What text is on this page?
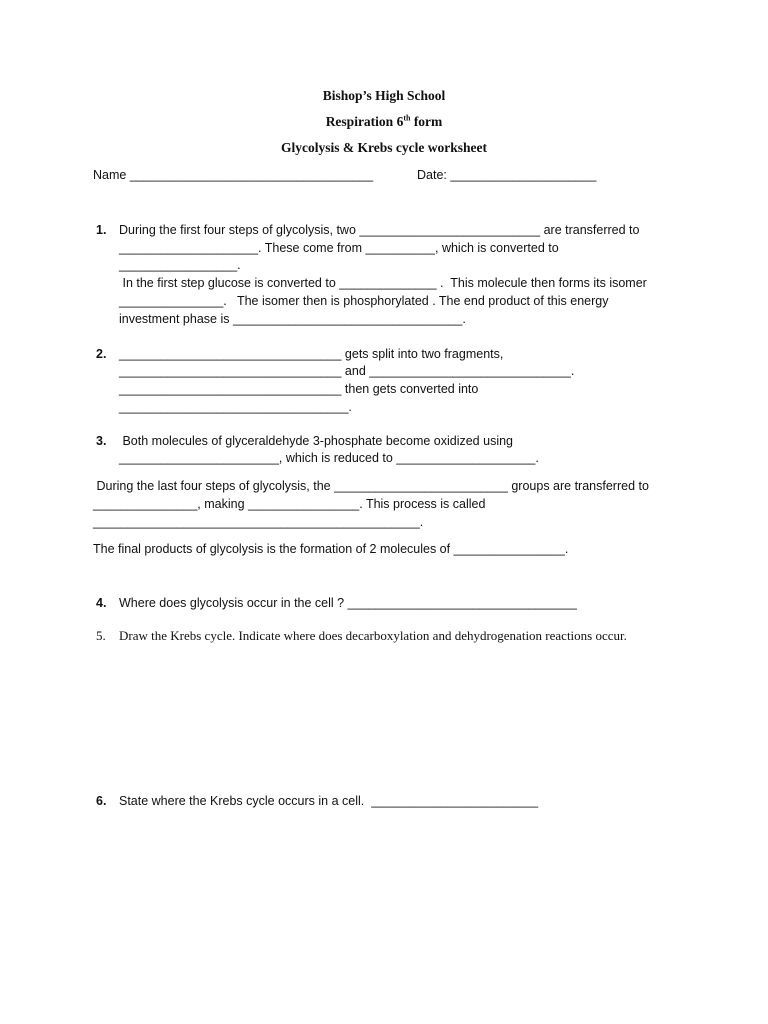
Bishop’s High School
Respiration 6th form
Glycolysis & Krebs cycle worksheet
Name ___________________________________	Date: _____________________
1. During the first four steps of glycolysis, two __________________________ are transferred to
____________________. These come from __________, which is converted to
_________________.
In the first step glucose is converted to ______________ .  This molecule then forms its isomer
_______________.   The isomer then is phosphorylated . The end product of this energy
investment phase is _________________________________.
2. ________________________________ gets split into two fragments,
________________________________ and _____________________________.
________________________________ then gets converted into
_________________________________.
3. Both molecules of glyceraldehyde 3-phosphate become oxidized using
_______________________, which is reduced to ____________________.
During the last four steps of glycolysis, the _________________________ groups are transferred to
_______________, making ________________. This process is called
_______________________________________________.
The final products of glycolysis is the formation of 2 molecules of ________________.
4. Where does glycolysis occur in the cell ? _________________________________
5. Draw the Krebs cycle. Indicate where does decarboxylation and dehydrogenation reactions occur.
6. State where the Krebs cycle occurs in a cell.  ________________________
